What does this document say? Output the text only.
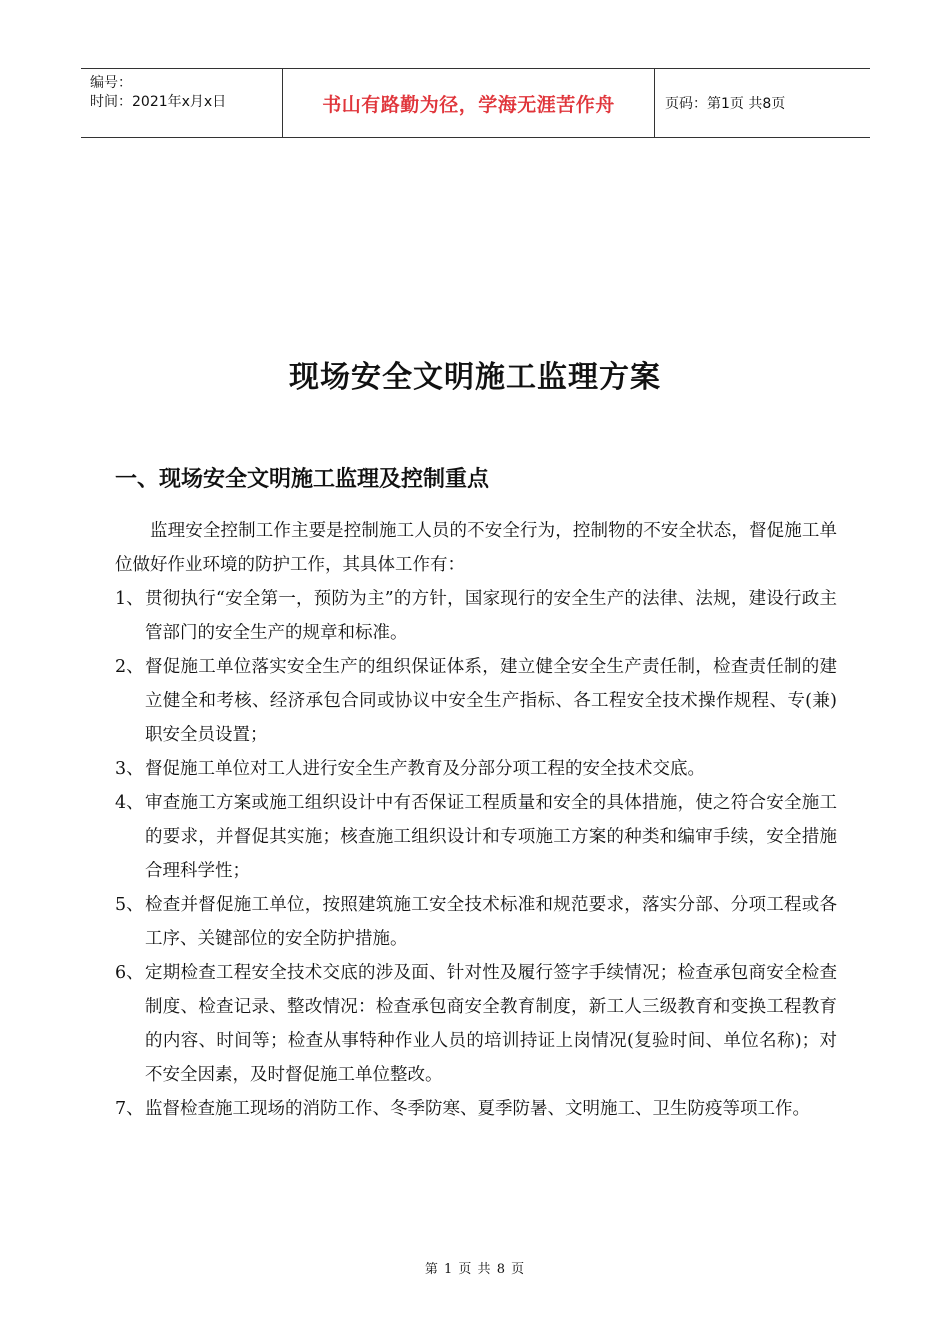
编号：
时间：2021年x月x日	书山有路勤为径，学海无涯苦作舟	页码：第1页 共8页
现场安全文明施工监理方案
一、现场安全文明施工监理及控制重点

监理安全控制工作主要是控制施工人员的不安全行为，控制物的不安全状态，督促施工单位做好作业环境的防护工作，其具体工作有：

1、 贯彻执行“安全第一，预防为主”的方针，国家现行的安全生产的法律、法规，建设行政主管部门的安全生产的规章和标准。
2、 督促施工单位落实安全生产的组织保证体系，建立健全安全生产责任制，检查责任制的建立健全和考核、经济承包合同或协议中安全生产指标、各工程安全技术操作规程、专(兼)职安全员设置；
3、 督促施工单位对工人进行安全生产教育及分部分项工程的安全技术交底。
4、 审查施工方案或施工组织设计中有否保证工程质量和安全的具体措施，使之符合安全施工的要求，并督促其实施；核查施工组织设计和专项施工方案的种类和编审手续，安全措施合理科学性；
5、 检查并督促施工单位，按照建筑施工安全技术标准和规范要求，落实分部、分项工程或各工序、关键部位的安全防护措施。
6、 定期检查工程安全技术交底的涉及面、针对性及履行签字手续情况；检查承包商安全检查制度、检查记录、整改情况：检查承包商安全教育制度，新工人三级教育和变换工程教育的内容、时间等；检查从事特种作业人员的培训持证上岗情况(复验时间、单位名称)；对不安全因素，及时督促施工单位整改。
7、 监督检查施工现场的消防工作、冬季防寒、夏季防暑、文明施工、卫生防疫等项工作。
第 1 页 共 8 页
